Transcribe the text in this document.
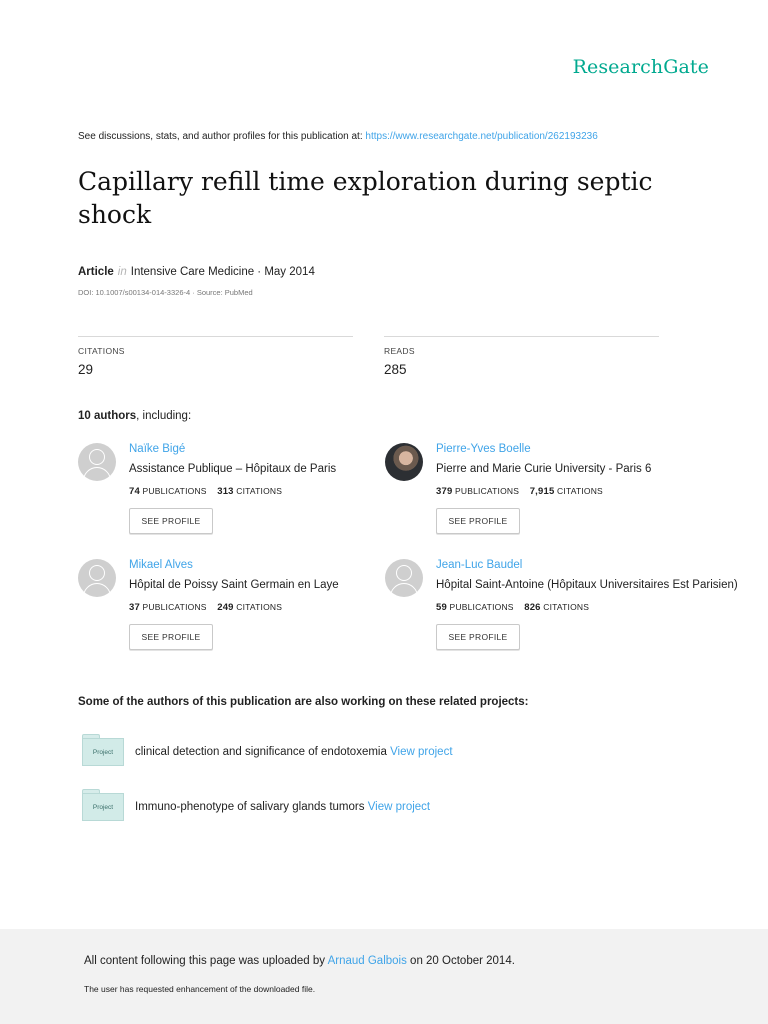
ResearchGate
See discussions, stats, and author profiles for this publication at: https://www.researchgate.net/publication/262193236
Capillary refill time exploration during septic shock
Article in Intensive Care Medicine · May 2014
DOI: 10.1007/s00134-014-3326-4 · Source: PubMed
CITATIONS
29
READS
285
10 authors, including:
Naïke Bigé
Assistance Publique – Hôpitaux de Paris
74 PUBLICATIONS 313 CITATIONS
SEE PROFILE
Pierre-Yves Boelle
Pierre and Marie Curie University - Paris 6
379 PUBLICATIONS 7,915 CITATIONS
SEE PROFILE
Mikael Alves
Hôpital de Poissy Saint Germain en Laye
37 PUBLICATIONS 249 CITATIONS
SEE PROFILE
Jean-Luc Baudel
Hôpital Saint-Antoine (Hôpitaux Universitaires Est Parisien)
59 PUBLICATIONS 826 CITATIONS
SEE PROFILE
Some of the authors of this publication are also working on these related projects:
Project	clinical detection and significance of endotoxemia View project
Project	Immuno-phenotype of salivary glands tumors View project
All content following this page was uploaded by Arnaud Galbois on 20 October 2014.
The user has requested enhancement of the downloaded file.
